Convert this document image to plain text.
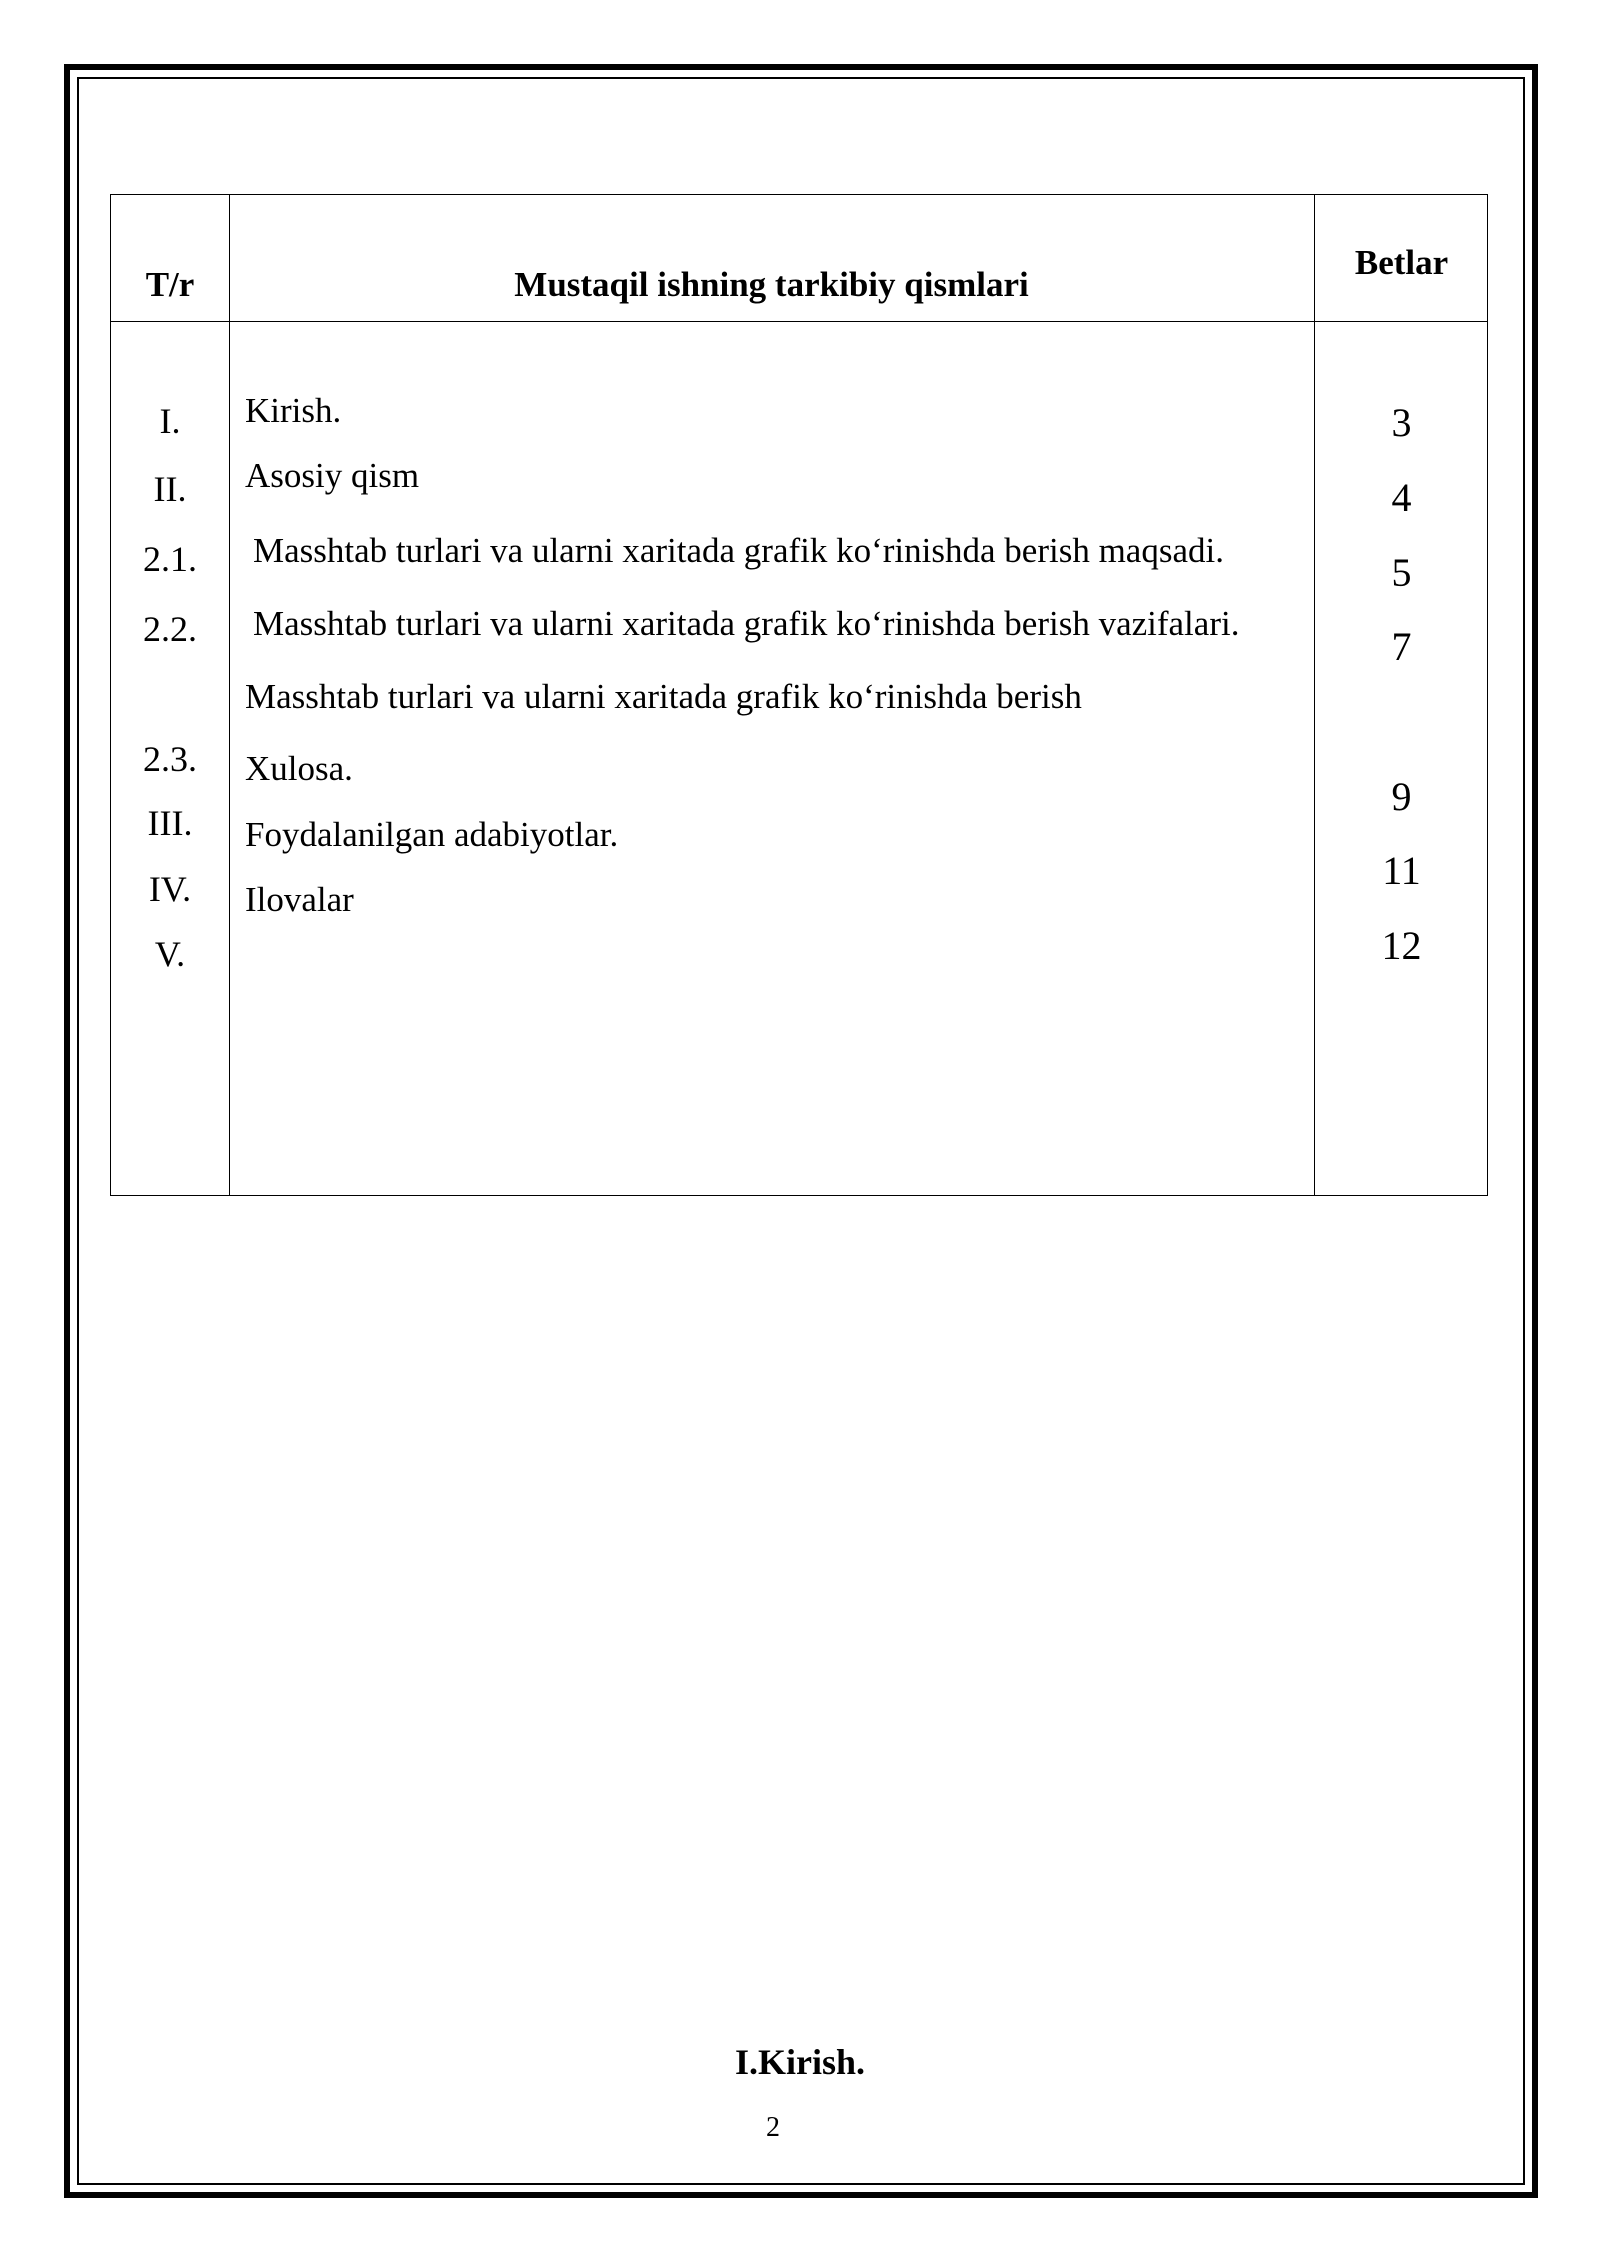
T/r	Mustaqil ishning tarkibiy qismlari
Betlar
I.
II.
2.1.
2.2.
2.3.
III.
IV.
V.
Kirish.
Asosiy qism
Masshtab turlari va ularni xaritada grafik ko‘rinishda berish maqsadi.
Masshtab turlari va ularni xaritada grafik ko‘rinishda berish vazifalari.
Masshtab turlari va ularni xaritada grafik ko‘rinishda berish
Xulosa.
Foydalanilgan adabiyotlar.
Ilovalar
3
4
5
7
9
11
12
I.Kirish.
2
